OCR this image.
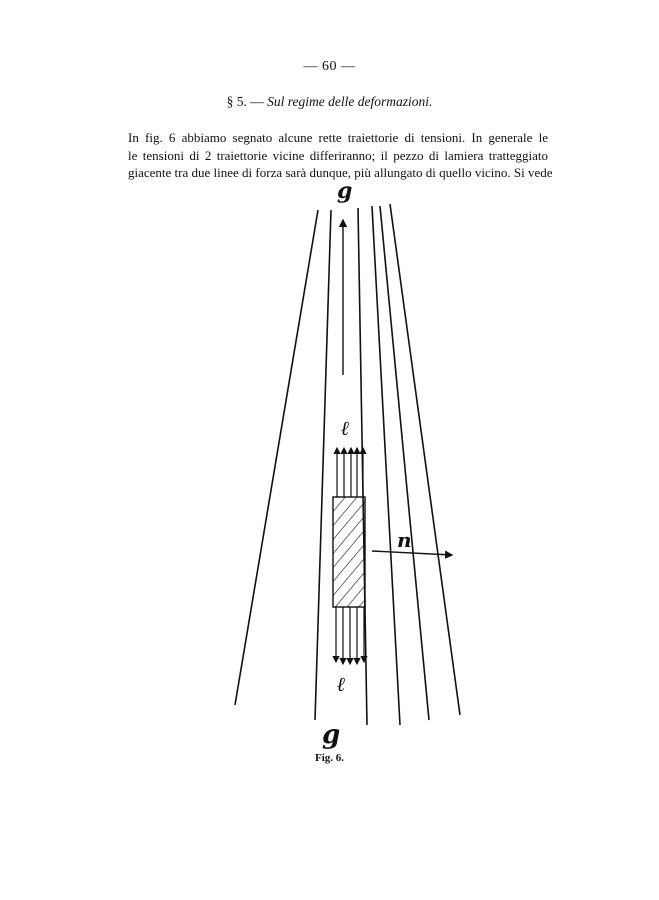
— 60 —
§ 5. — Sul regime delle deformazioni.
In fig. 6 abbiamo segnato alcune rette traiettorie di tensioni. In generale le
le tensioni di 2 traiettorie vicine differiranno; il pezzo di lamiera tratteggiato
giacente tra due linee di forza sarà dunque, più allungato di quello vicino. Si vede
g
ℓ
n
ℓ
g
Fig. 6.
